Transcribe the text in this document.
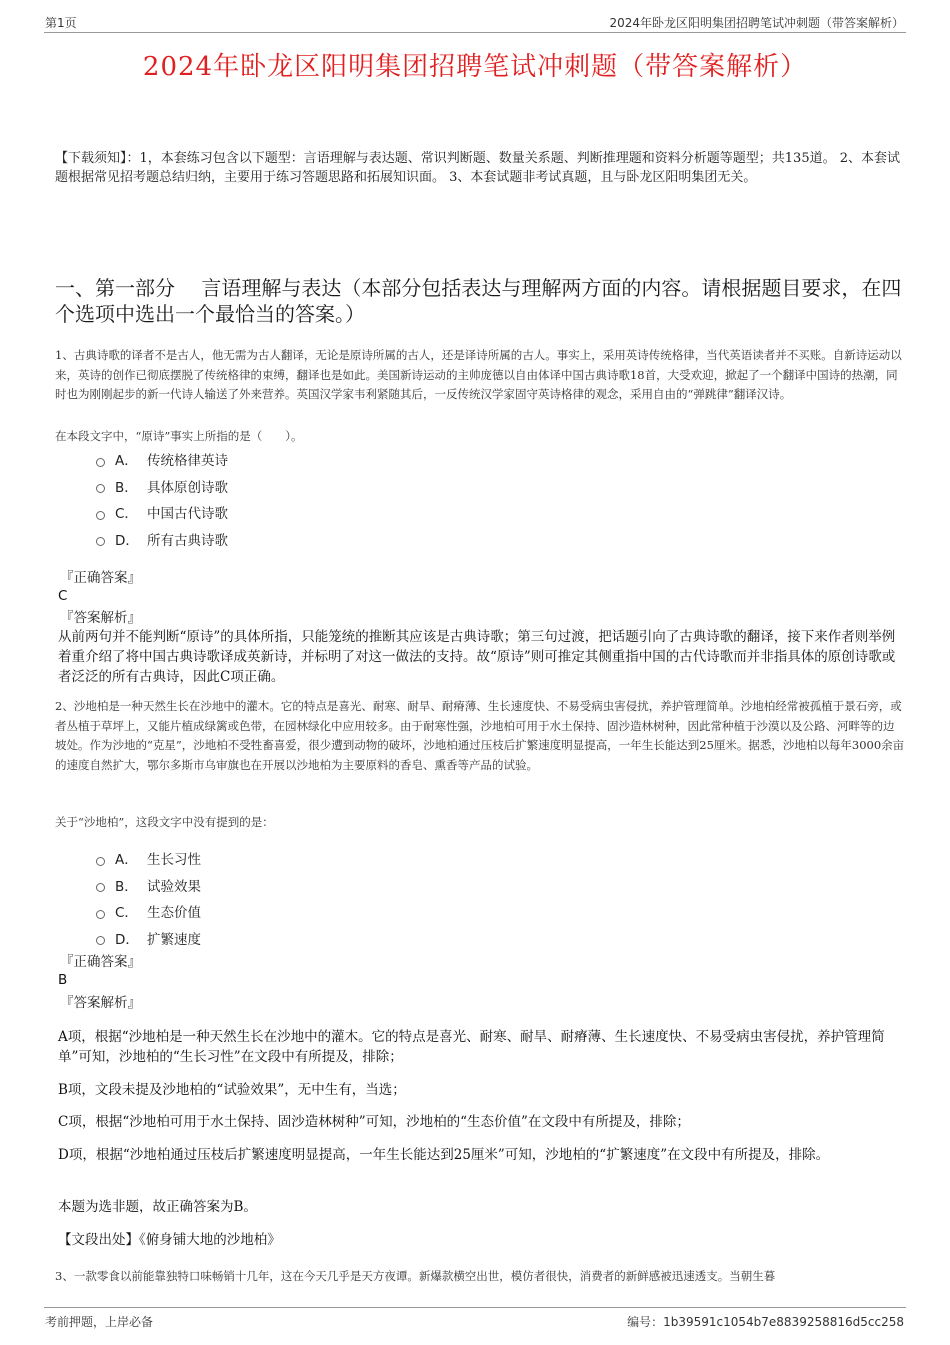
第1页	2024年卧龙区阳明集团招聘笔试冲刺题（带答案解析）
2024年卧龙区阳明集团招聘笔试冲刺题（带答案解析）
【下载须知】：1，本套练习包含以下题型：言语理解与表达题、常识判断题、数量关系题、判断推理题和资料分析题等题型；共135道。 2、本套试题根据常见招考题总结归纳，主要用于练习答题思路和拓展知识面。 3、本套试题非考试真题，且与卧龙区阳明集团无关。
一、第一部分　 言语理解与表达（本部分包括表达与理解两方面的内容。请根据题目要求，在四个选项中选出一个最恰当的答案。）
1、古典诗歌的译者不是古人，他无需为古人翻译，无论是原诗所属的古人，还是译诗所属的古人。事实上，采用英诗传统格律，当代英语读者并不买账。自新诗运动以来，英诗的创作已彻底摆脱了传统格律的束缚，翻译也是如此。美国新诗运动的主帅庞德以自由体译中国古典诗歌18首，大受欢迎，掀起了一个翻译中国诗的热潮，同时也为刚刚起步的新一代诗人输送了外来营养。英国汉学家韦利紧随其后，一反传统汉学家固守英诗格律的观念，采用自由的“弹跳律”翻译汉诗。
在本段文字中，“原诗”事实上所指的是（　　）。
A． 传统格律英诗
B． 具体原创诗歌
C． 中国古代诗歌
D． 所有古典诗歌
『正确答案』
C
『答案解析』
从前两句并不能判断“原诗”的具体所指，只能笼统的推断其应该是古典诗歌；第三句过渡，把话题引向了古典诗歌的翻译，接下来作者则举例着重介绍了将中国古典诗歌译成英新诗，并标明了对这一做法的支持。故“原诗”则可推定其侧重指中国的古代诗歌而并非指具体的原创诗歌或者泛泛的所有古典诗，因此C项正确。
2、沙地柏是一种天然生长在沙地中的灌木。它的特点是喜光、耐寒、耐旱、耐瘠薄、生长速度快、不易受病虫害侵扰，养护管理简单。沙地柏经常被孤植于景石旁，或者丛植于草坪上，又能片植成绿篱或色带，在园林绿化中应用较多。由于耐寒性强，沙地柏可用于水土保持、固沙造林树种，因此常种植于沙漠以及公路、河畔等的边坡处。作为沙地的“克星”，沙地柏不受牲畜喜爱，很少遭到动物的破坏，沙地柏通过压枝后扩繁速度明显提高，一年生长能达到25厘米。据悉，沙地柏以每年3000余亩的速度自然扩大，鄂尔多斯市乌审旗也在开展以沙地柏为主要原料的香皂、熏香等产品的试验。
关于“沙地柏”，这段文字中没有提到的是：
A． 生长习性
B． 试验效果
C． 生态价值
D． 扩繁速度
『正确答案』
B
『答案解析』
A项，根据“沙地柏是一种天然生长在沙地中的灌木。它的特点是喜光、耐寒、耐旱、耐瘠薄、生长速度快、不易受病虫害侵扰，养护管理简单”可知，沙地柏的“生长习性”在文段中有所提及，排除；
B项，文段未提及沙地柏的“试验效果”，无中生有，当选；
C项，根据“沙地柏可用于水土保持、固沙造林树种”可知，沙地柏的“生态价值”在文段中有所提及，排除；
D项，根据“沙地柏通过压枝后扩繁速度明显提高，一年生长能达到25厘米”可知，沙地柏的“扩繁速度”在文段中有所提及，排除。
本题为选非题，故正确答案为B。
【文段出处】《俯身铺大地的沙地柏》
3、一款零食以前能靠独特口味畅销十几年，这在今天几乎是天方夜谭。新爆款横空出世，模仿者很快，消费者的新鲜感被迅速透支。当朝生暮
考前押题，上岸必备	编号：1b39591c1054b7e8839258816d5cc258
